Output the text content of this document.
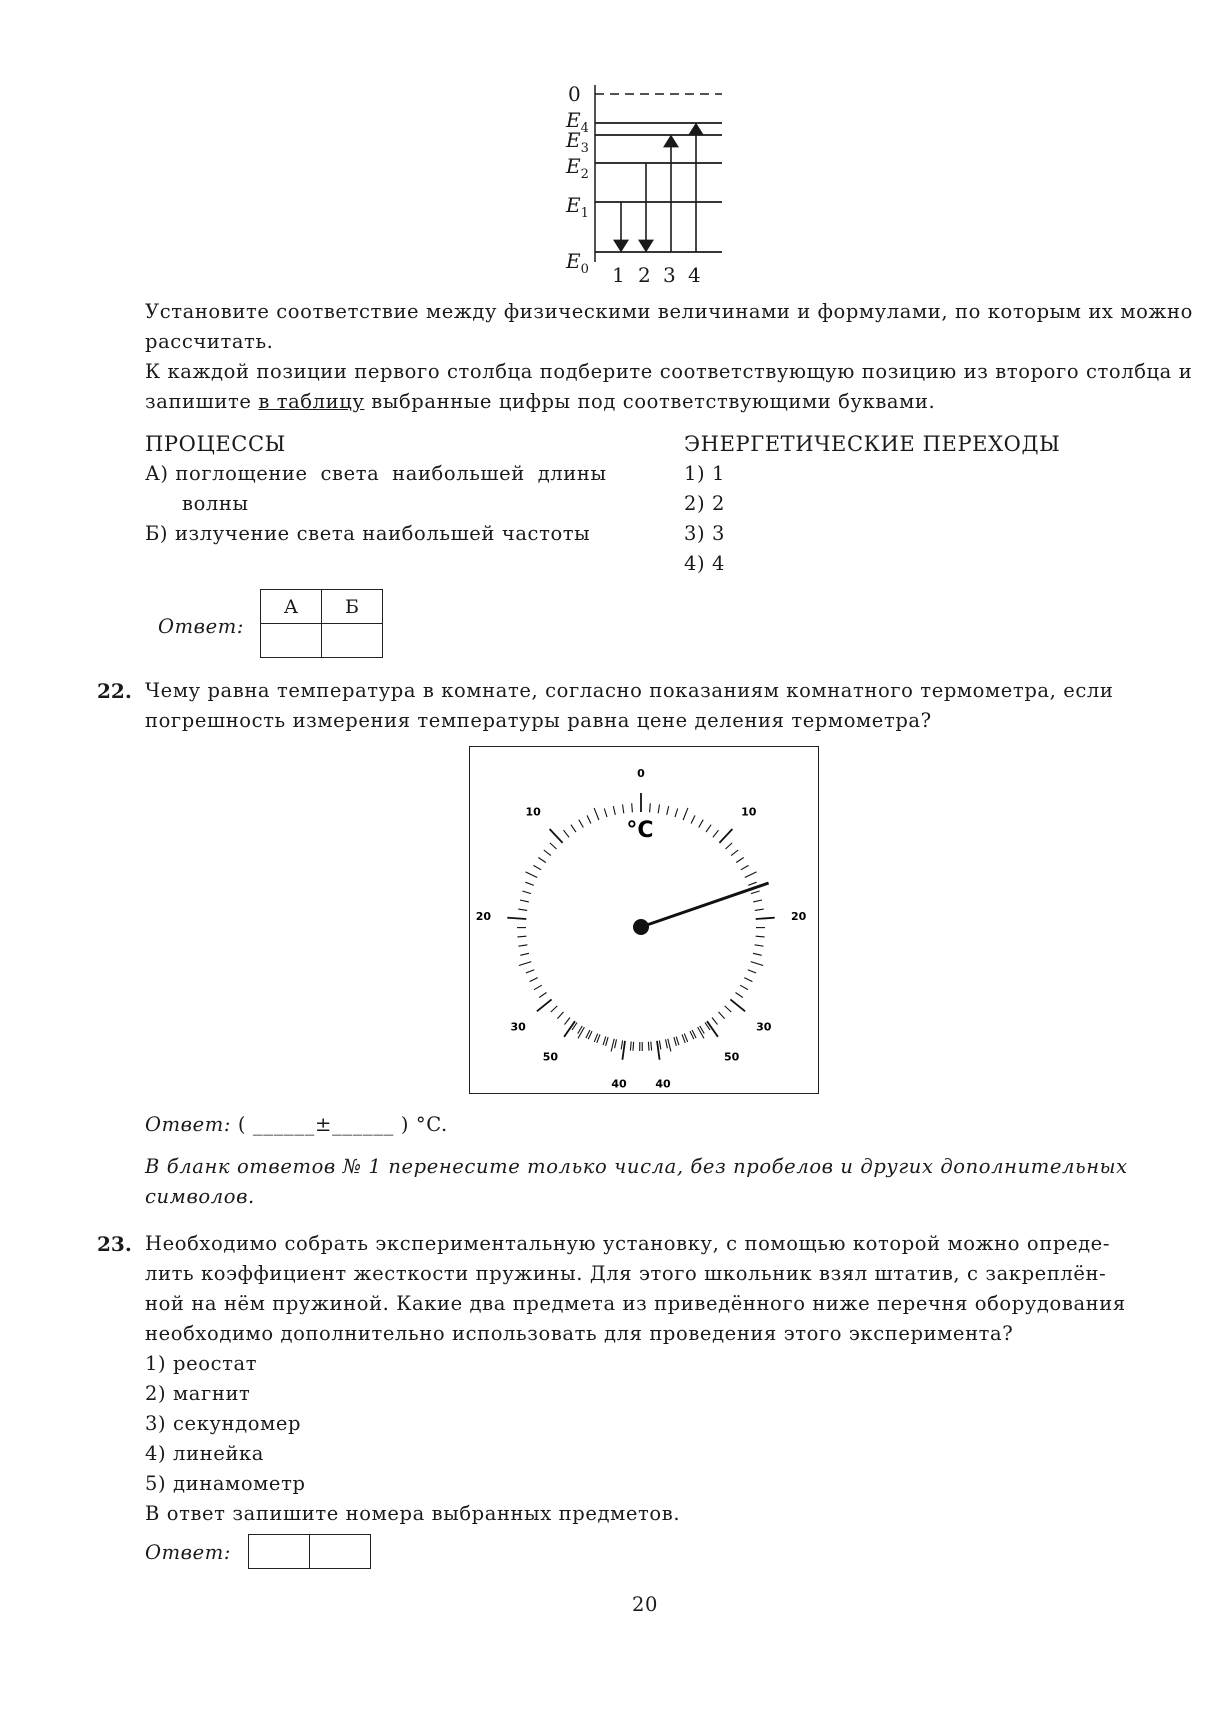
0
$E_4$
$E_3$
$E_2$
$E_1$
$E_0$ 1 2 3 4
Установите соответствие между физическими величинами и формулами, по которым их можно рассчитать.
К каждой позиции первого столбца подберите соответствующую позицию из второго столбца и запишите в таблицу выбранные цифры под соответствующими буквами.
ПРОЦЕССЫ	ЭНЕРГЕТИЧЕСКИЕ ПЕРЕХОДЫ
А) поглощение света наибольшей длины
волны
Б) излучение света наибольшей частоты
1) 1
2) 2
3) 3
4) 4
Ответ:
А	Б

22. Чему равна температура в комнате, согласно показаниям комнатного термометра, если
погрешность измерения температуры равна цене деления термометра?
0
10
20
30
40
50
10
20
30
40
50
°C
Ответ: ( ______±______ ) °C.
В бланк ответов № 1 перенесите только числа, без пробелов и других дополнительных
символов.
23. Необходимо собрать экспериментальную установку, с помощью которой можно опреде-
лить коэффициент жесткости пружины. Для этого школьник взял штатив, с закреплён-
ной на нём пружиной. Какие два предмета из приведённого ниже перечня оборудования
необходимо дополнительно использовать для проведения этого эксперимента?
1) реостат
2) магнит
3) секундомер
4) линейка
5) динамометр
В ответ запишите номера выбранных предметов.
Ответ:

20
